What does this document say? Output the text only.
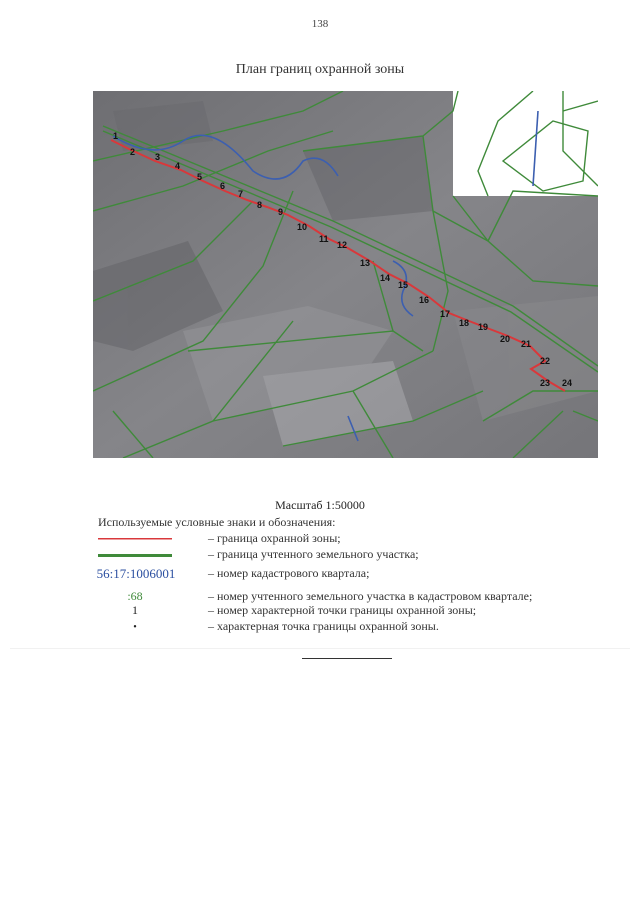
138
План границ охранной зоны
1
2 3
4
5
6
7
8
9
10
11
12
13
14
15
16
17
18 19
20 21
22
23 24
Масштаб 1:50000
Используемые условные знаки и обозначения:
– граница охранной зоны;
– граница учтенного земельного участка;
56:17:1006001	– номер кадастрового квартала;
:68	– номер учтенного земельного участка в кадастровом квартале;
1	– номер характерной точки границы охранной зоны;
•	– характерная точка границы охранной зоны.
